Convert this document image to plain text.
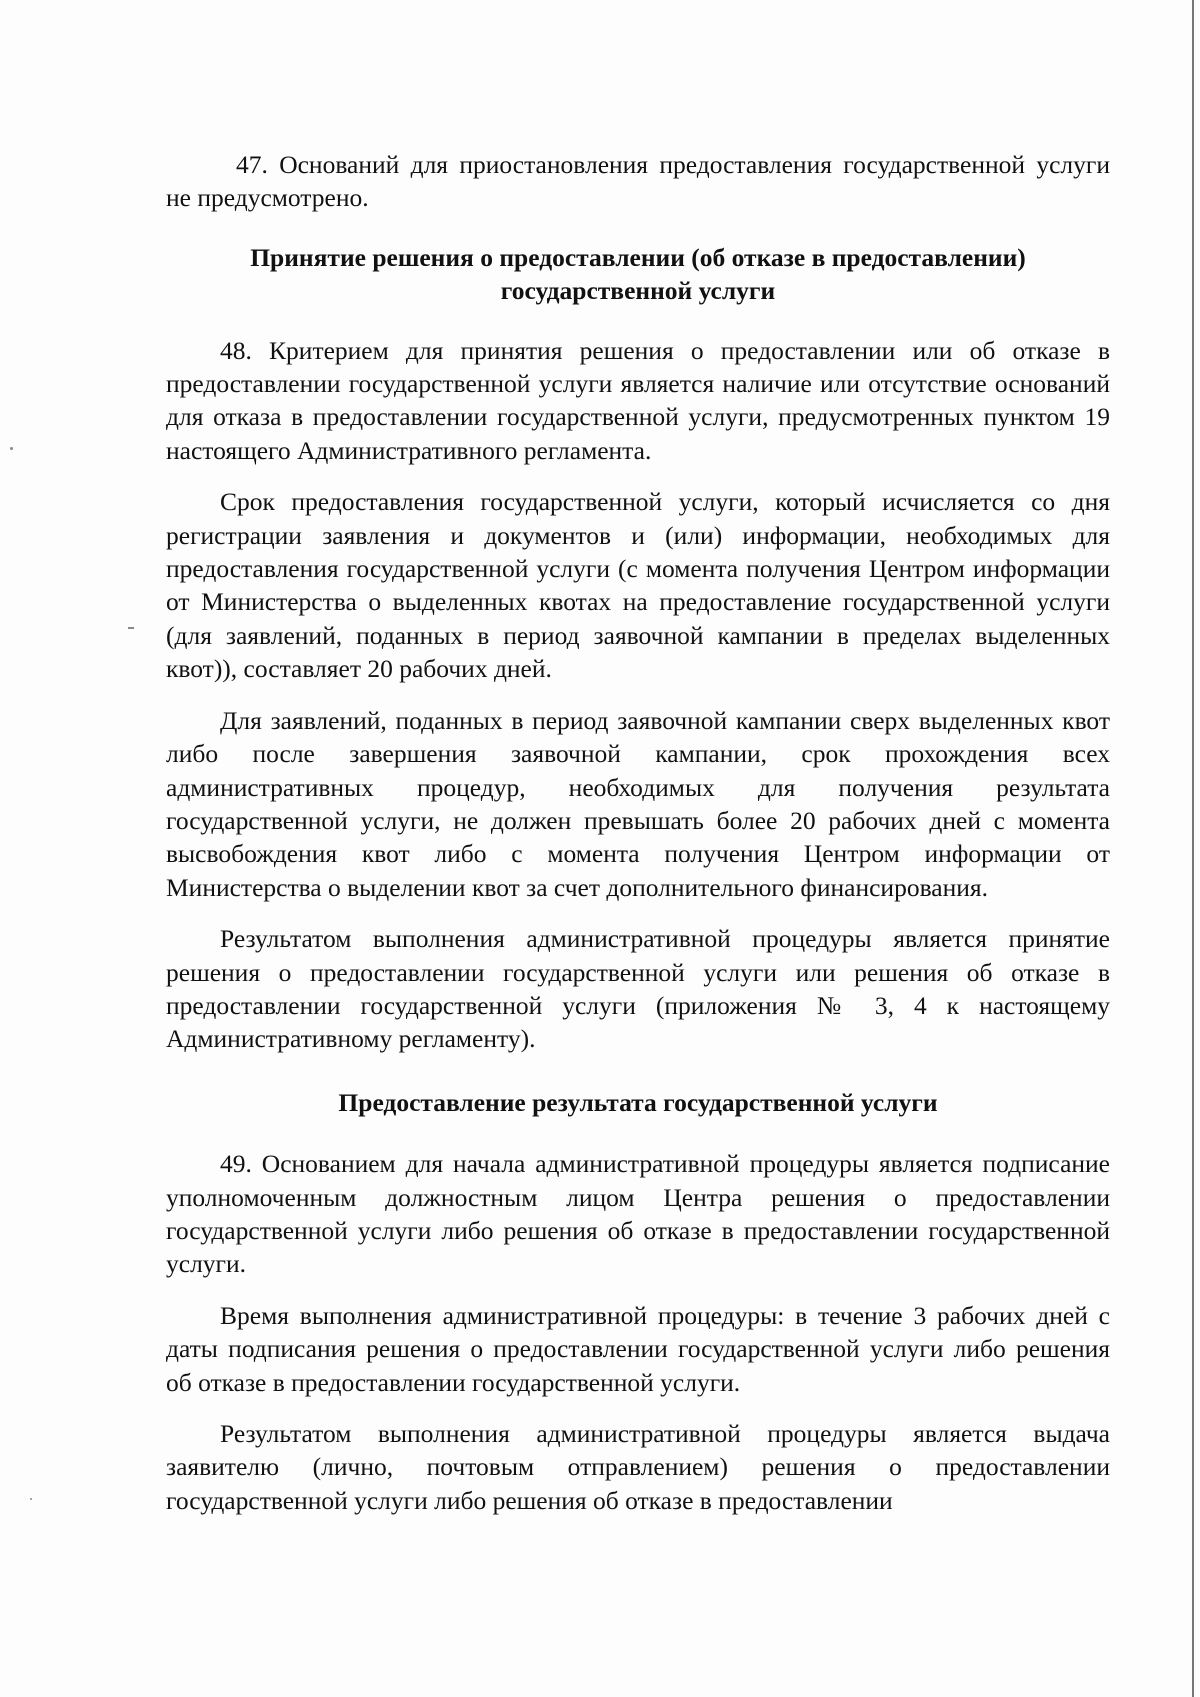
47. Оснований для приостановления предоставления государственной услуги не предусмотрено.

Принятие решения о предоставлении (об отказе в предоставлении) государственной услуги

48. Критерием для принятия решения о предоставлении или об отказе в предоставлении государственной услуги является наличие или отсутствие оснований для отказа в предоставлении государственной услуги, предусмотренных пунктом 19 настоящего Административного регламента.

Срок предоставления государственной услуги, который исчисляется со дня регистрации заявления и документов и (или) информации, необходимых для предоставления государственной услуги (с момента получения Центром информации от Министерства о выделенных квотах на предоставление государственной услуги (для заявлений, поданных в период заявочной кампании в пределах выделенных квот)), составляет 20 рабочих дней.

Для заявлений, поданных в период заявочной кампании сверх выделенных квот либо после завершения заявочной кампании, срок прохождения всех административных процедур, необходимых для получения результата государственной услуги, не должен превышать более 20 рабочих дней с момента высвобождения квот либо с момента получения Центром информации от Министерства о выделении квот за счет дополнительного финансирования.

Результатом выполнения административной процедуры является принятие решения о предоставлении государственной услуги или решения об отказе в предоставлении государственной услуги (приложения № 3, 4 к настоящему Административному регламенту).

Предоставление результата государственной услуги

49. Основанием для начала административной процедуры является подписание уполномоченным должностным лицом Центра решения о предоставлении государственной услуги либо решения об отказе в предоставлении государственной услуги.

Время выполнения административной процедуры: в течение 3 рабочих дней с даты подписания решения о предоставлении государственной услуги либо решения об отказе в предоставлении государственной услуги.

Результатом выполнения административной процедуры является выдача заявителю (лично, почтовым отправлением) решения о предоставлении государственной услуги либо решения об отказе в предоставлении
